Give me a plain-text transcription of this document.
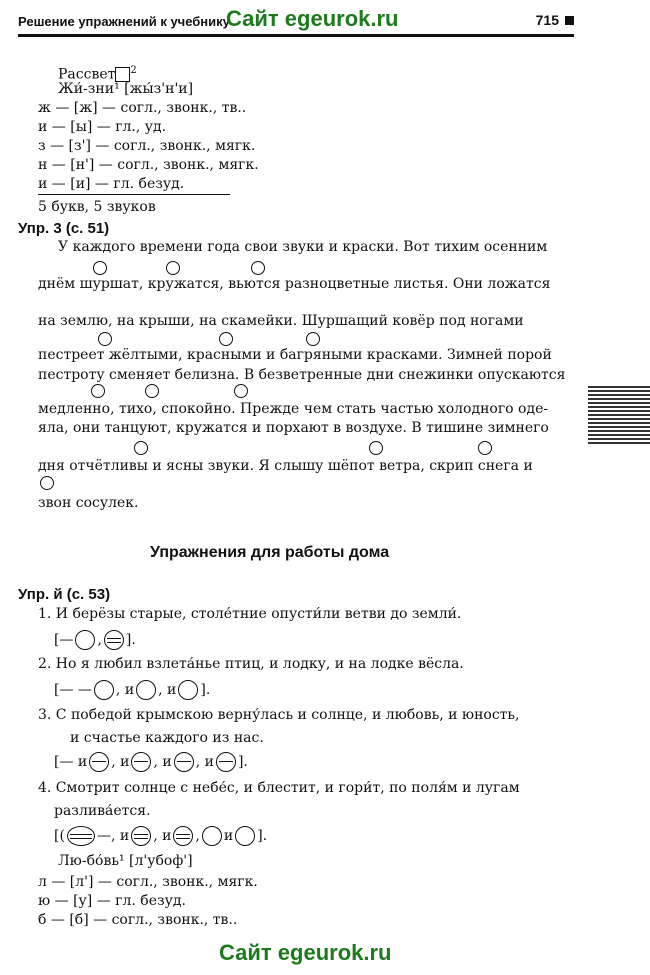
Решение упражнений к учебнику
Сайт egeurok.ru	715
Рассвет $^2$
Жи́-зни¹ [жы́з'н'и]
ж — [ж] — согл., звонк., тв..
и — [ы] — гл., уд.
з — [з'] — согл., звонк., мягк.
н — [н'] — согл., звонк., мягк.
и — [и] — гл. безуд.
5 букв, 5 звуков
Упр. 3 (с. 51)
У каждого времени года свои звуки и краски. Вот тихим осенним
днём шуршат, кружатся, вьются разноцветные листья. Они ложатся
на землю, на крыши, на скамейки. Шуршащий ковёр под ногами
пестреет жёлтыми, красными и багряными красками. Зимней порой
пестроту сменяет белизна. В безветренные дни снежинки опускаются
медленно, тихо, спокойно. Прежде чем стать частью холодного оде-
яла, они танцуют, кружатся и порхают в воздухе. В тишине зимнего
дня отчётливы и ясны звуки. Я слышу шёпот ветра, скрип снега и
звон сосулек.
Упражнения для работы дома
Упр. й (с. 53)
1. И берёзы старые, столе́тние опусти́ли ветви до земли́.
[— , ].
2. Но я любил взлета́нье птиц, и лодку, и на лодке вёсла.
[— — , и , и ].
3. С победой крымскою верну́лась и солнце, и любовь, и юность,
и счастье каждого из нас.
[— и , и , и , и ].
4. Смотрит солнце с небе́с, и блестит, и гори́т, по поля́м и лугам
разлива́ется.
[( —, и , и , и ].
Лю-бо́вь¹ [л'убоф']
л — [л'] — согл., звонк., мягк.
ю — [у] — гл. безуд.
б — [б] — согл., звонк., тв..
Сайт egeurok.ru
